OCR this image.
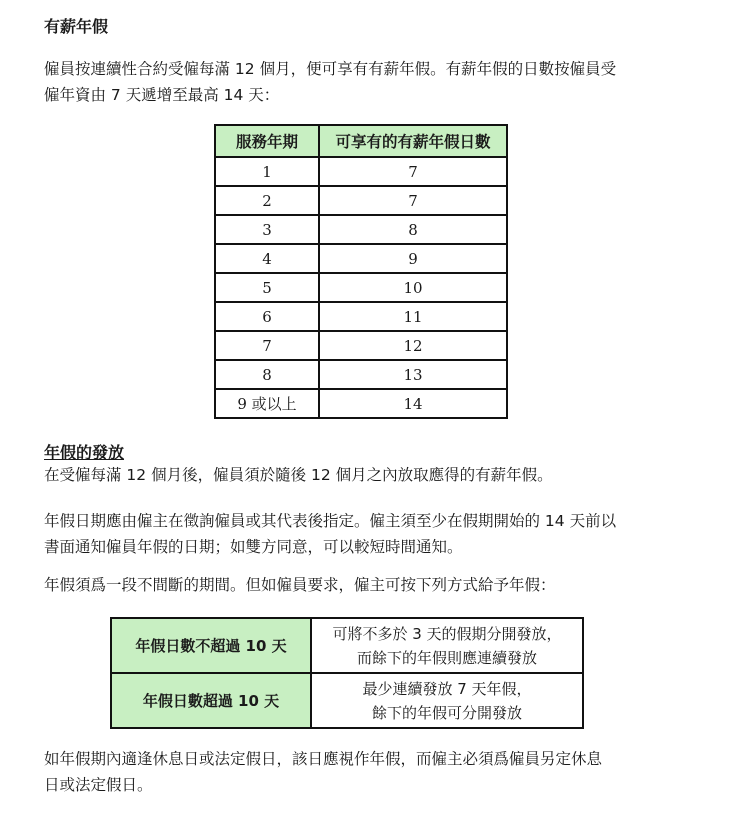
有薪年假
僱員按連續性合約受僱每滿 12 個月，便可享有有薪年假。有薪年假的日數按僱員受
僱年資由 7 天遞增至最高 14 天：
服務年期	可享有的有薪年假日數
1	7
2	7
3	8
4	9
5	10
6	11
7	12
8	13
9 或以上	14
年假的發放
在受僱每滿 12 個月後，僱員須於隨後 12 個月之內放取應得的有薪年假。
年假日期應由僱主在徵詢僱員或其代表後指定。僱主須至少在假期開始的 14 天前以
書面通知僱員年假的日期；如雙方同意，可以較短時間通知。
年假須爲一段不間斷的期間。但如僱員要求，僱主可按下列方式給予年假：
年假日數不超過 10 天	可將不多於 3 天的假期分開發放，
而餘下的年假則應連續發放

年假日數超過 10 天	最少連續發放 7 天年假，
餘下的年假可分開發放
如年假期內適逢休息日或法定假日，該日應視作年假，而僱主必須爲僱員另定休息
日或法定假日。
